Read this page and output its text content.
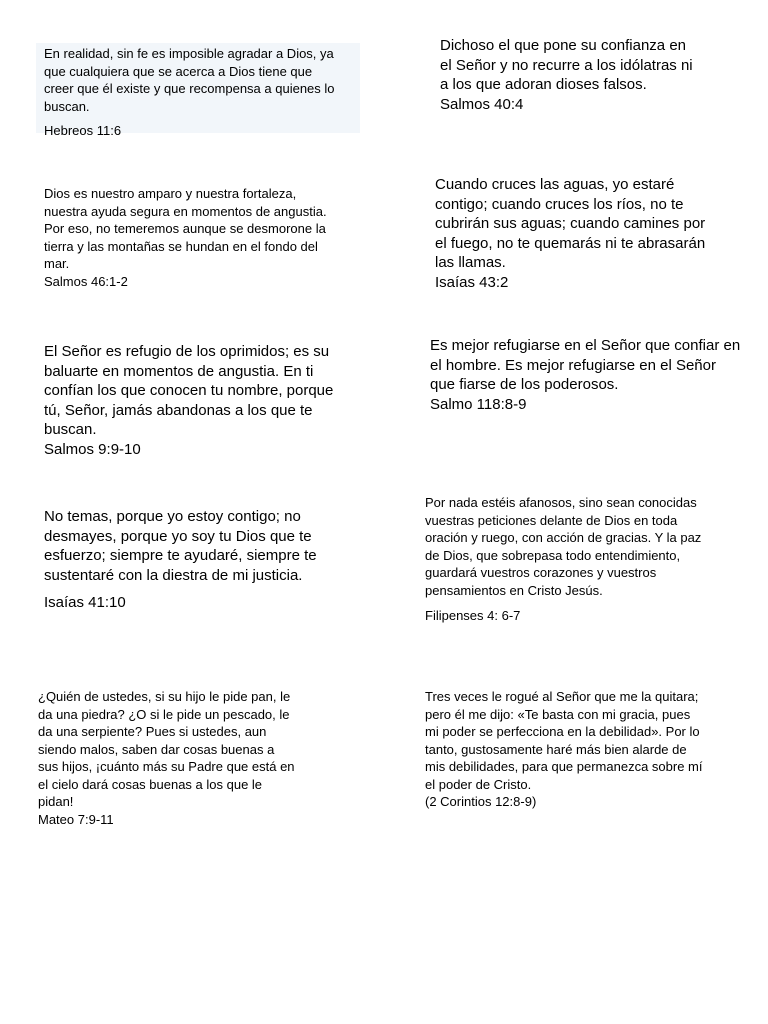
En realidad, sin fe es imposible agradar a Dios, ya
que cualquiera que se acerca a Dios tiene que
creer que él existe y que recompensa a quienes lo
buscan.

Hebreos 11:6

Dichoso el que pone su confianza en
el Señor y no recurre a los idólatras ni
a los que adoran dioses falsos.

Salmos 40:4

Dios es nuestro amparo y nuestra fortaleza,
nuestra ayuda segura en momentos de angustia.
Por eso, no temeremos aunque se desmorone la
tierra y las montañas se hundan en el fondo del
mar.

Salmos 46:1-2

Cuando cruces las aguas, yo estaré
contigo; cuando cruces los ríos, no te
cubrirán sus aguas; cuando camines por
el fuego, no te quemarás ni te abrasarán
las llamas.

Isaías 43:2

El Señor es refugio de los oprimidos; es su
baluarte en momentos de angustia. En ti
confían los que conocen tu nombre, porque
tú, Señor, jamás abandonas a los que te
buscan.

Salmos 9:9-10

Es mejor refugiarse en el Señor que confiar en
el hombre. Es mejor refugiarse en el Señor
que fiarse de los poderosos.

Salmo 118:8-9

No temas, porque yo estoy contigo; no
desmayes, porque yo soy tu Dios que te
esfuerzo; siempre te ayudaré, siempre te
sustentaré con la diestra de mi justicia.

Isaías 41:10

Por nada estéis afanosos, sino sean conocidas
vuestras peticiones delante de Dios en toda
oración y ruego, con acción de gracias. Y la paz
de Dios, que sobrepasa todo entendimiento,
guardará vuestros corazones y vuestros
pensamientos en Cristo Jesús.

Filipenses 4: 6-7

¿Quién de ustedes, si su hijo le pide pan, le
da una piedra? ¿O si le pide un pescado, le
da una serpiente? Pues si ustedes, aun
siendo malos, saben dar cosas buenas a
sus hijos, ¡cuánto más su Padre que está en
el cielo dará cosas buenas a los que le
pidan!

Mateo 7:9-11

Tres veces le rogué al Señor que me la quitara;
pero él me dijo: «Te basta con mi gracia, pues
mi poder se perfecciona en la debilidad». Por lo
tanto, gustosamente haré más bien alarde de
mis debilidades, para que permanezca sobre mí
el poder de Cristo.

(2 Corintios 12:8-9)
